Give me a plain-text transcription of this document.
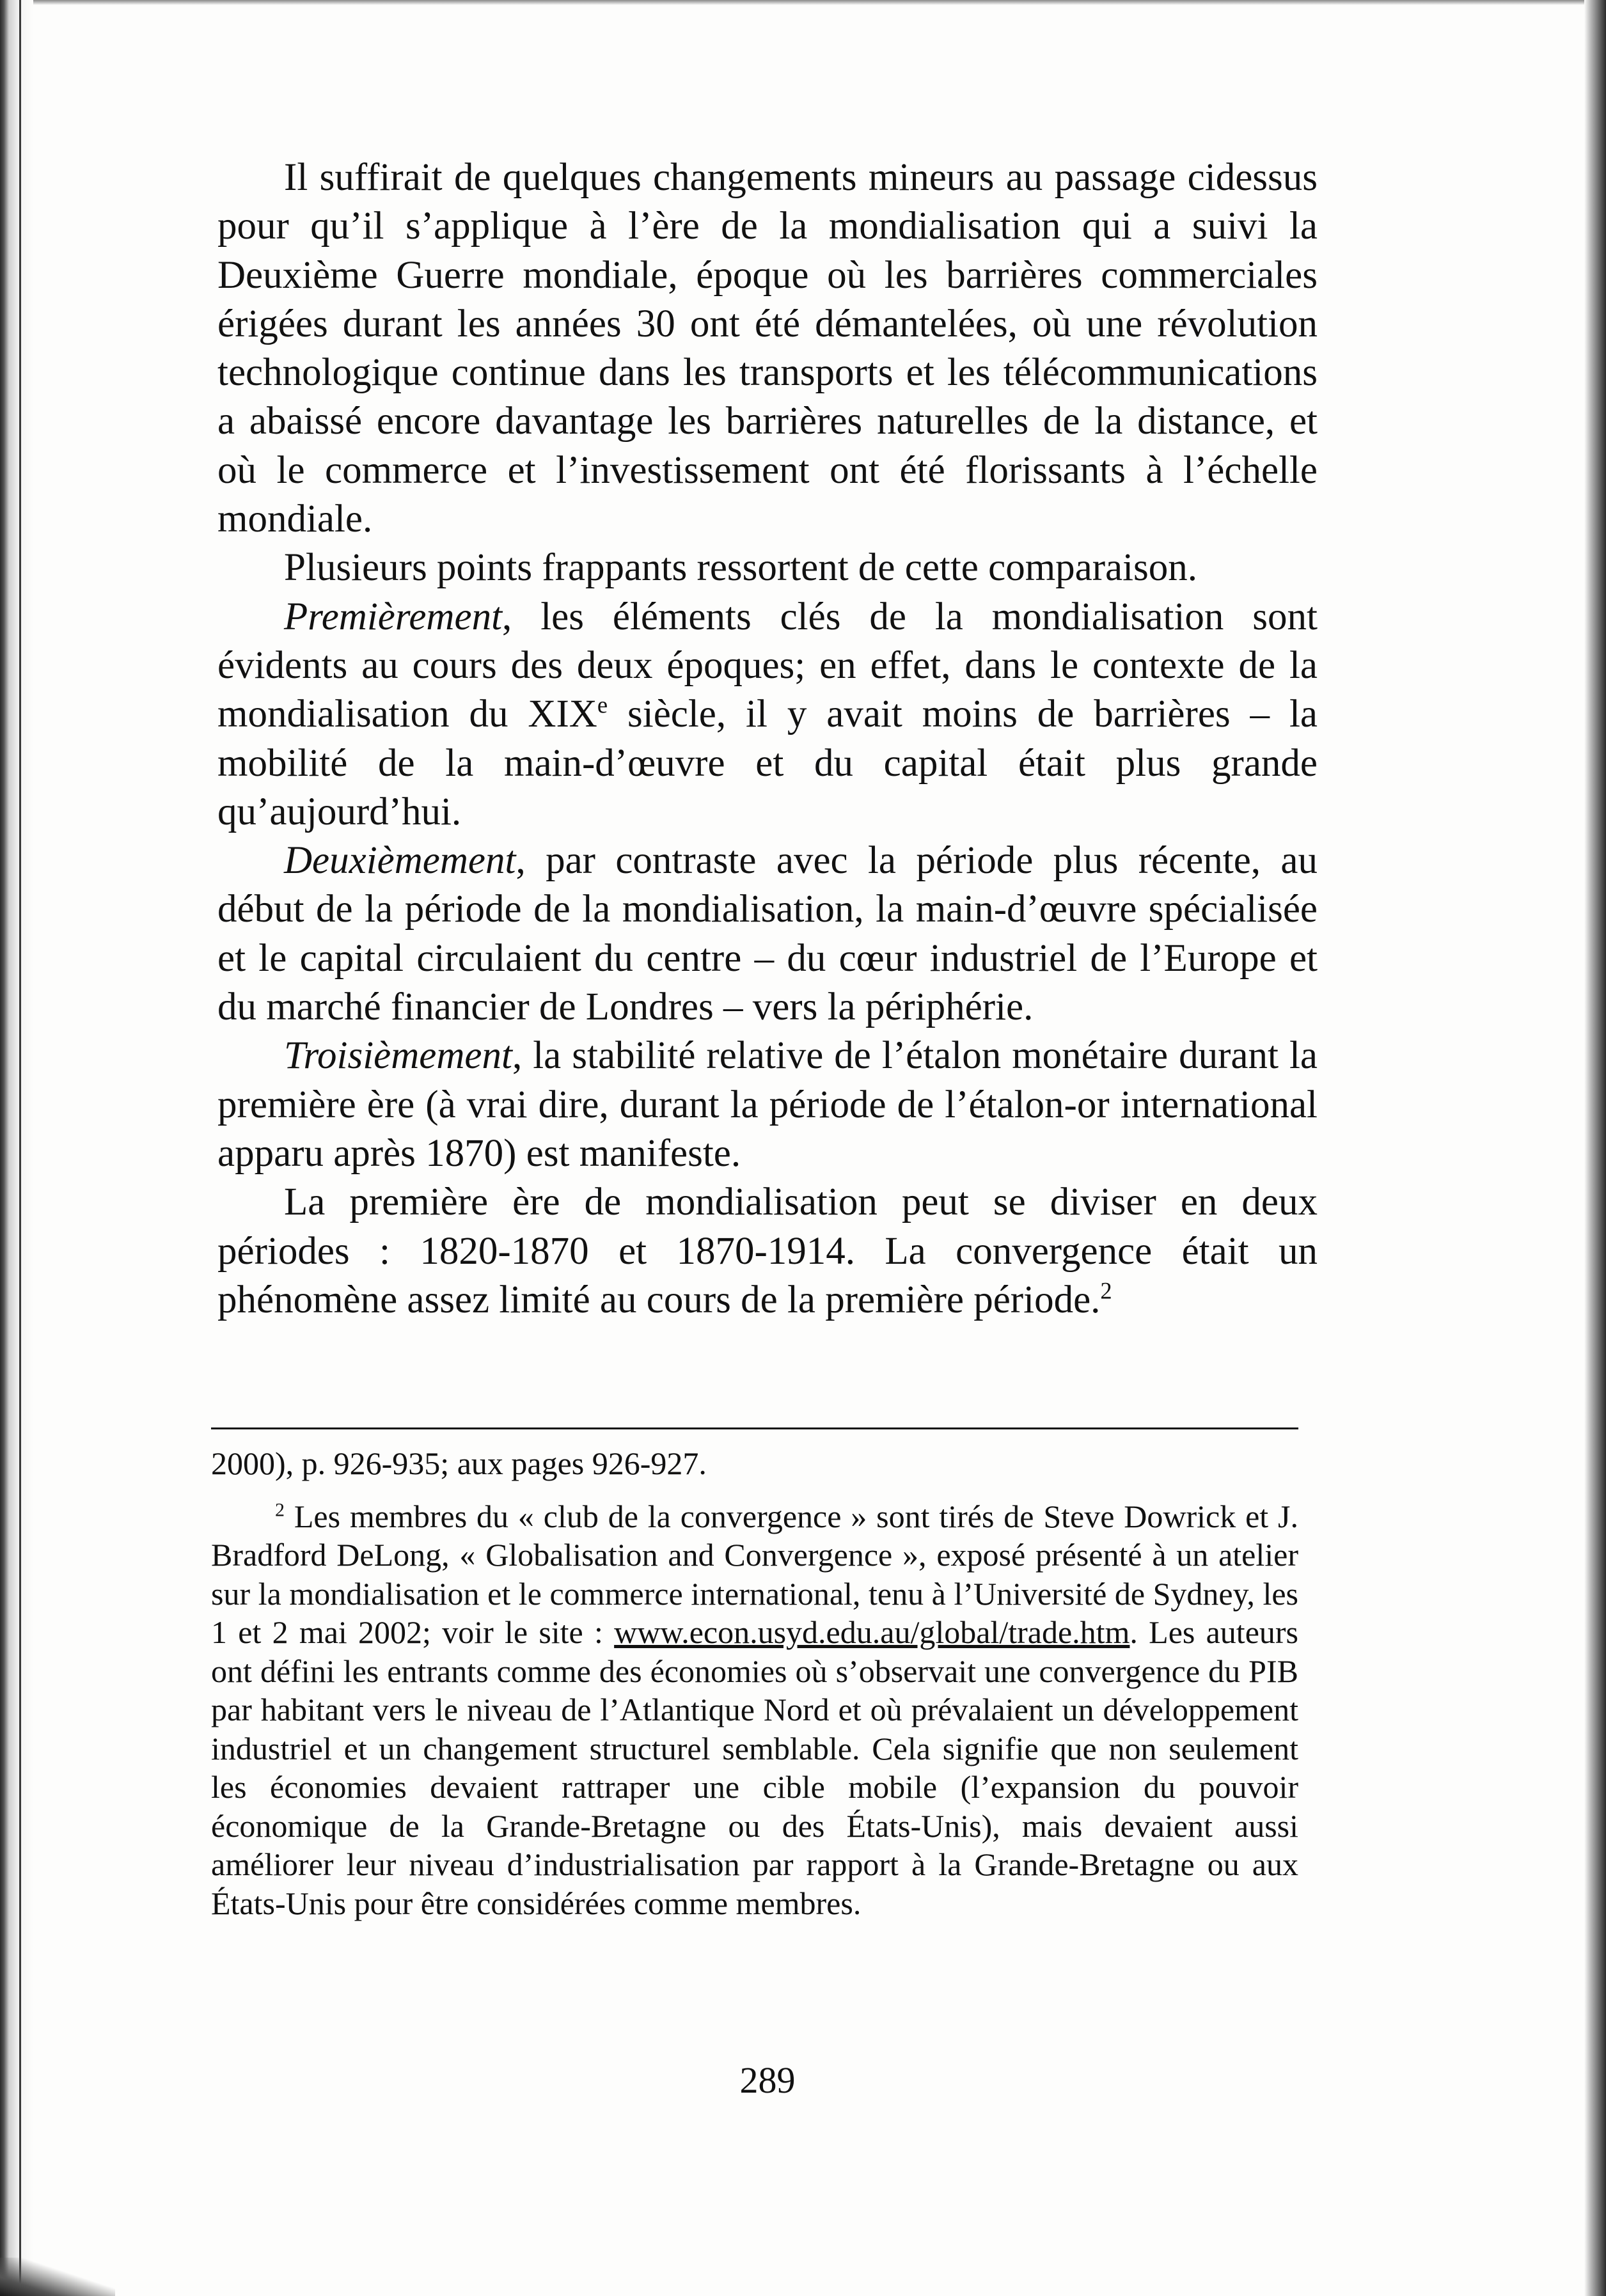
Il suffirait de quelques changements mineurs au passage cidessus pour qu’il s’applique à l’ère de la mondialisation qui a suivi la Deuxième Guerre mondiale, époque où les barrières commerciales érigées durant les années 30 ont été démantelées, où une révolution technologique continue dans les transports et les télécommunications a abaissé encore davantage les barrières naturelles de la distance, et où le commerce et l’investissement ont été florissants à l’échelle mondiale.

Plusieurs points frappants ressortent de cette comparaison.

Premièrement, les éléments clés de la mondialisation sont évidents au cours des deux époques; en effet, dans le contexte de la mondialisation du XIXe siècle, il y avait moins de barrières – la mobilité de la main-d’œuvre et du capital était plus grande qu’aujourd’hui.

Deuxièmement, par contraste avec la période plus récente, au début de la période de la mondialisation, la main-d’œuvre spécialisée et le capital circulaient du centre – du cœur industriel de l’Europe et du marché financier de Londres – vers la périphérie.

Troisièmement, la stabilité relative de l’étalon monétaire durant la première ère (à vrai dire, durant la période de l’étalon-or international apparu après 1870) est manifeste.

La première ère de mondialisation peut se diviser en deux périodes : 1820-1870 et 1870-1914. La convergence était un phénomène assez limité au cours de la première période.$^2$

2000), p. 926-935; aux pages 926-927.

$^2$ Les membres du « club de la convergence » sont tirés de Steve Dowrick et J. Bradford DeLong, « Globalisation and Convergence », exposé présenté à un atelier sur la mondialisation et le commerce international, tenu à l’Université de Sydney, les 1 et 2 mai 2002; voir le site : www.econ.usyd.edu.au/global/trade.htm. Les auteurs ont défini les entrants comme des économies où s’observait une convergence du PIB par habitant vers le niveau de l’Atlantique Nord et où prévalaient un développement industriel et un changement structurel semblable. Cela signifie que non seulement les économies devaient rattraper une cible mobile (l’expansion du pouvoir économique de la Grande-Bretagne ou des États-Unis), mais devaient aussi améliorer leur niveau d’industrialisation par rapport à la Grande-Bretagne ou aux États-Unis pour être considérées comme membres.

289
